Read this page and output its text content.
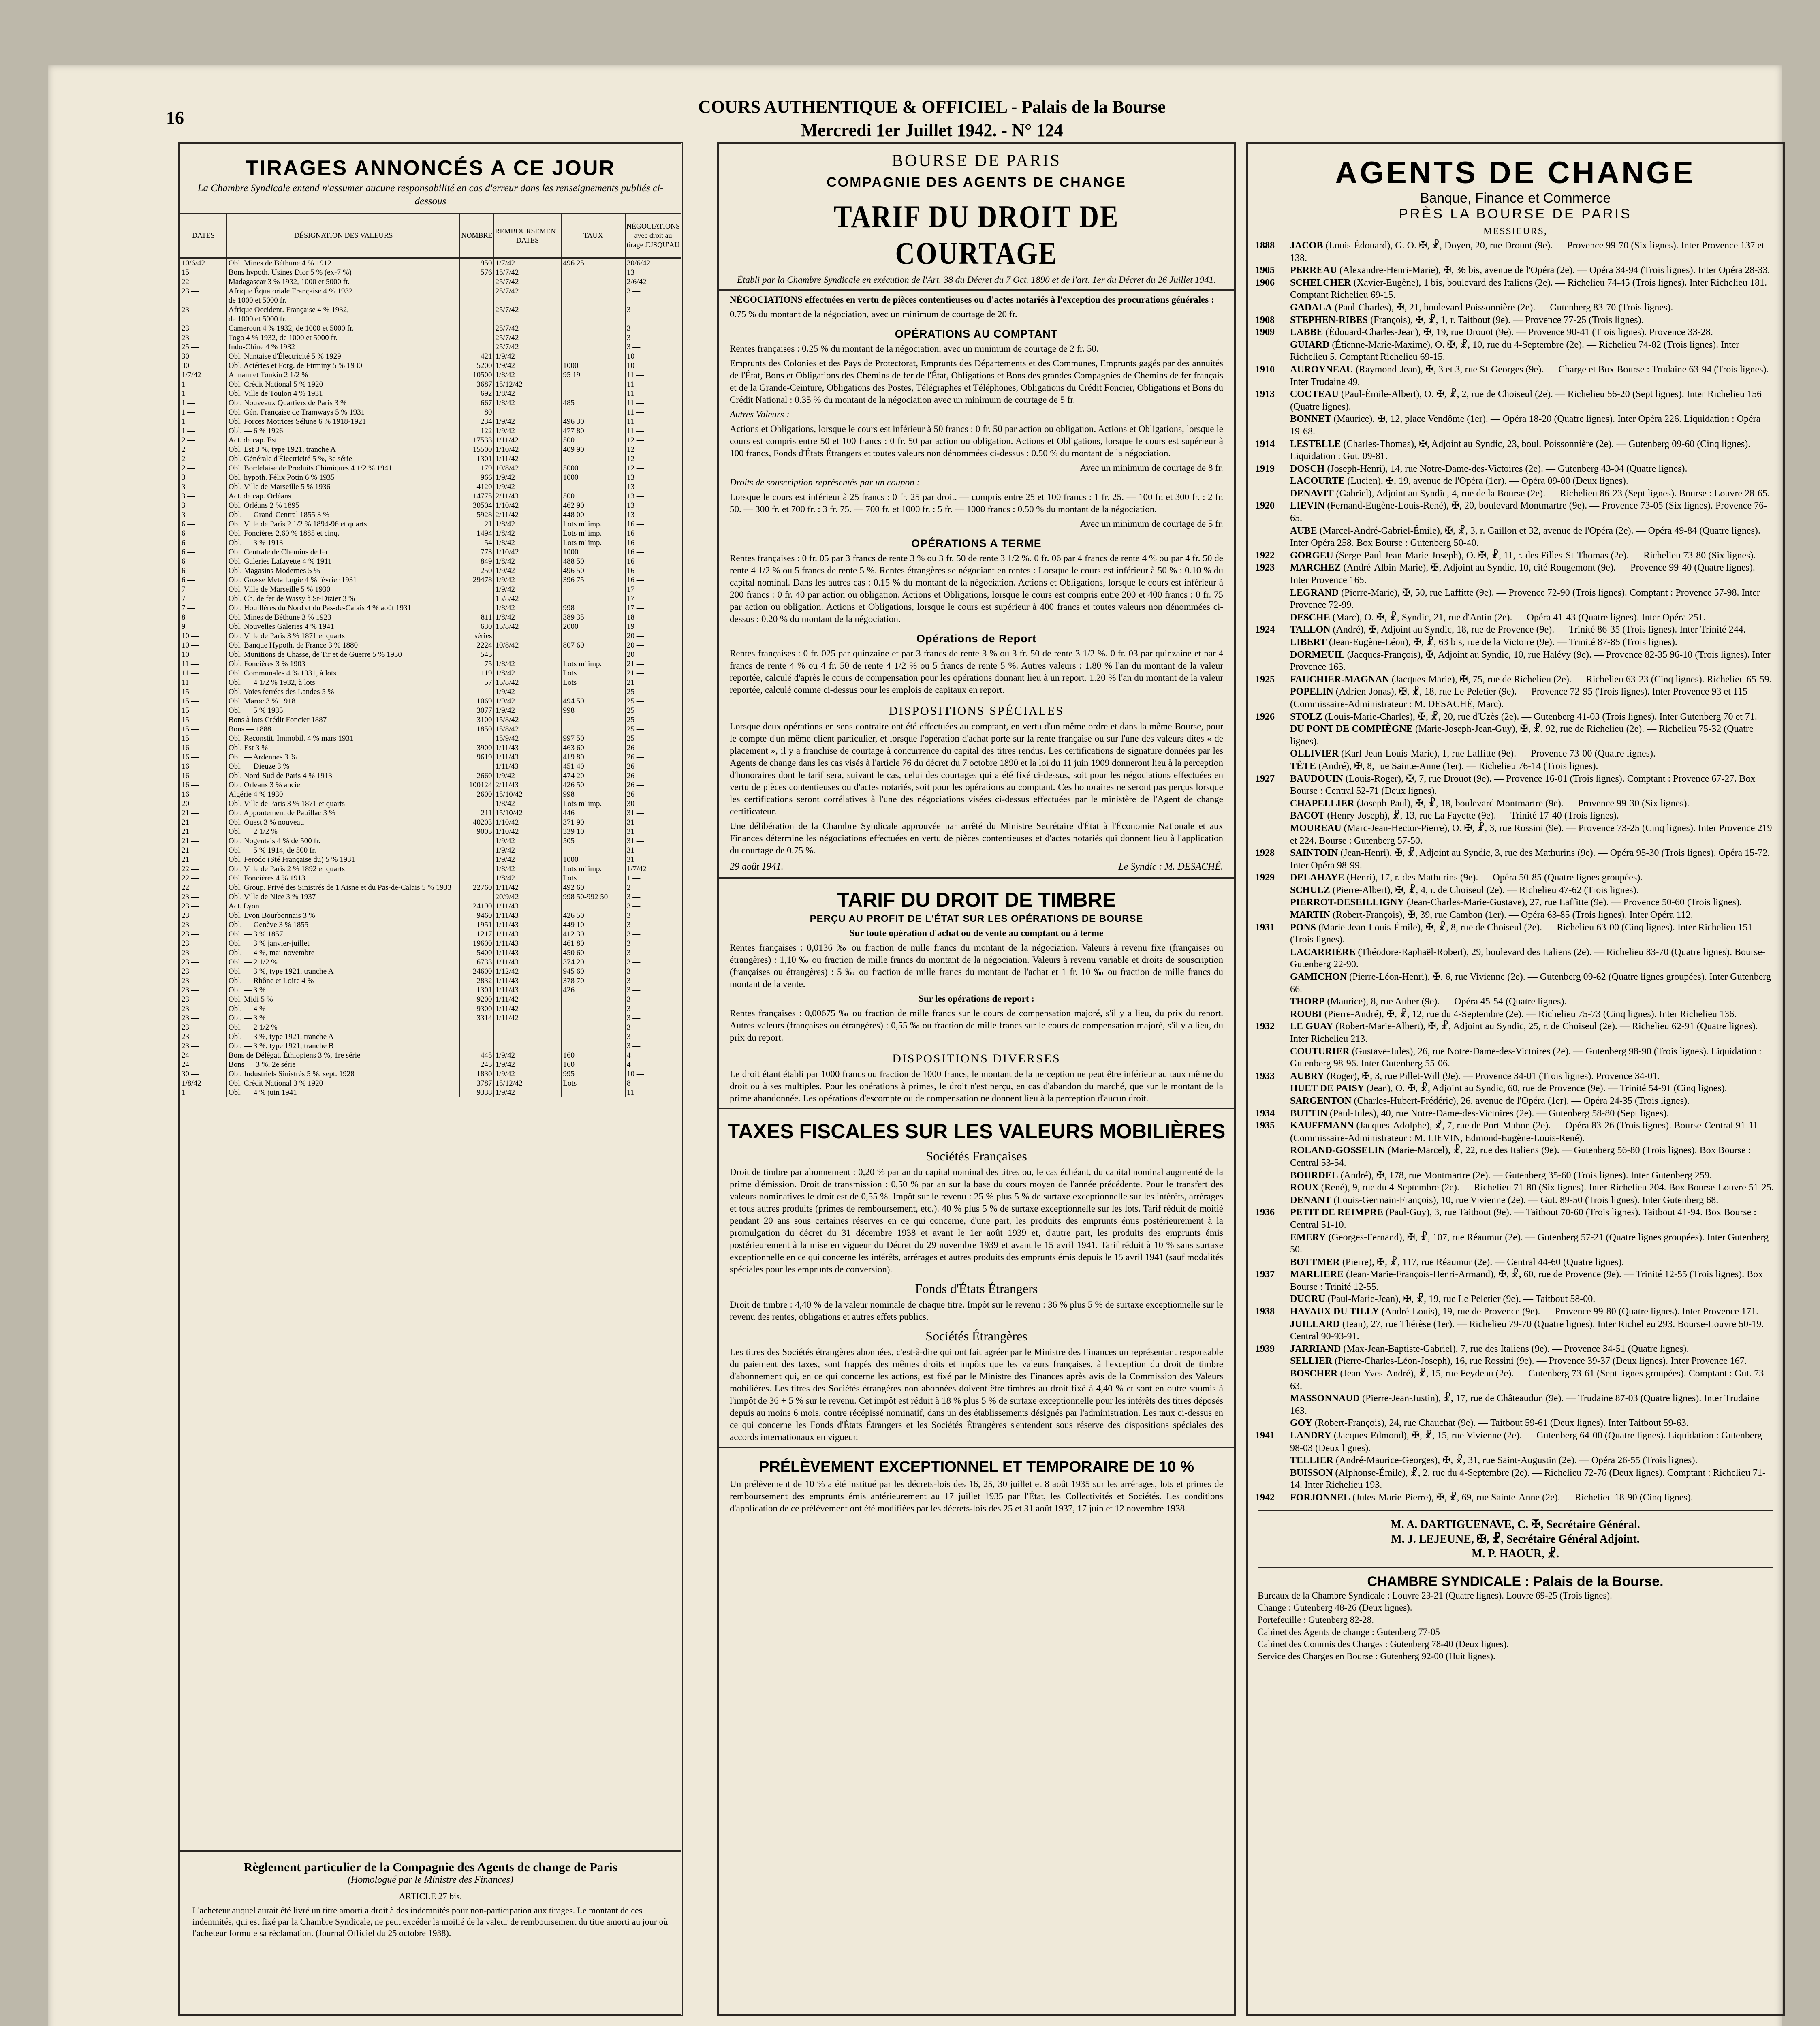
16
COURS AUTHENTIQUE & OFFICIEL - Palais de la Bourse
Mercredi 1er Juillet 1942. - N° 124
TIRAGES ANNONCÉS A CE JOUR
La Chambre Syndicale entend n'assumer aucune responsabilité en cas d'erreur dans les renseignements publiés ci-dessous
DATES	DÉSIGNATION DES VALEURS	NOMBRE	REMBOURSEMENT
DATES	TAUX	NÉGOCIATIONS avec droit au tirage JUSQU'AU
10/6/42	Obl. Mines de Béthune 4 % 1912	950	1/7/42	496 25	30/6/42
15 —	Bons hypoth. Usines Dior 5 % (ex-7 %)	576	15/7/42		13 —
22 —	Madagascar 3 % 1932, 1000 et 5000 fr.		25/7/42		2/6/42
23 —	Afrique Équatoriale Française 4 % 1932		25/7/42		3 —
	de 1000 et 5000 fr.				
23 —	Afrique Occident. Française 4 % 1932,		25/7/42		3 —
	de 1000 et 5000 fr.				
23 —	Cameroun 4 % 1932, de 1000 et 5000 fr.		25/7/42		3 —
23 —	Togo 4 % 1932, de 1000 et 5000 fr.		25/7/42		3 —
25 —	Indo-Chine 4 % 1932		25/7/42		3 —
30 —	Obl. Nantaise d'Électricité 5 % 1929	421	1/9/42		10 —
30 —	Obl. Aciéries et Forg. de Firminy 5 % 1930	5200	1/9/42	1000	10 —
1/7/42	Annam et Tonkin 2 1/2 %	10500	1/8/42	95 19	11 —
1 —	Obl. Crédit National 5 % 1920	3687	15/12/42		11 —
1 —	Obl. Ville de Toulon 4 % 1931	692	1/8/42		11 —
1 —	Obl. Nouveaux Quartiers de Paris 3 %	667	1/8/42	485	11 —
1 —	Obl. Gén. Française de Tramways 5 % 1931	80			11 —
1 —	Obl. Forces Motrices Sélune 6 % 1918-1921	234	1/9/42	496 30	11 —
1 —	Obl. — 6 % 1926	122	1/9/42	477 80	11 —
2 —	Act. de cap. Est	17533	1/11/42	500	12 —
2 —	Obl. Est 3 %, type 1921, tranche A	15500	1/10/42	409 90	12 —
2 —	Obl. Générale d'Électricité 5 %, 3e série	1301	1/11/42		12 —
2 —	Obl. Bordelaise de Produits Chimiques 4 1/2 % 1941	179	10/8/42	5000	12 —
3 —	Obl. hypoth. Félix Potin 6 % 1935	966	1/9/42	1000	13 —
3 —	Obl. Ville de Marseille 5 % 1936	4120	1/9/42		13 —
3 —	Act. de cap. Orléans	14775	2/11/43	500	13 —
3 —	Obl. Orléans 2 % 1895	30504	1/10/42	462 90	13 —
3 —	Obl. — Grand-Central 1855 3 %	5928	2/11/42	448 00	13 —
6 —	Obl. Ville de Paris 2 1/2 % 1894-96 et quarts	21	1/8/42	Lots m' imp.	16 —
6 —	Obl. Foncières 2,60 % 1885 et cinq.	1494	1/8/42	Lots m' imp.	16 —
6 —	Obl. — 3 % 1913	54	1/8/42	Lots m' imp.	16 —
6 —	Obl. Centrale de Chemins de fer	773	1/10/42	1000	16 —
6 —	Obl. Galeries Lafayette 4 % 1911	849	1/8/42	488 50	16 —
6 —	Obl. Magasins Modernes 5 %	250	1/9/42	496 50	16 —
6 —	Obl. Grosse Métallurgie 4 % février 1931	29478	1/9/42	396 75	16 —
7 —	Obl. Ville de Marseille 5 % 1930		1/9/42		17 —
7 —	Obl. Ch. de fer de Wassy à St-Dizier 3 %		15/8/42		17 —
7 —	Obl. Houillères du Nord et du Pas-de-Calais 4 % août 1931		1/8/42	998	17 —
8 —	Obl. Mines de Béthune 3 % 1923	811	1/8/42	389 35	18 —
9 —	Obl. Nouvelles Galeries 4 % 1941	630	15/8/42	2000	19 —
10 —	Obl. Ville de Paris 3 % 1871 et quarts	séries			20 —
10 —	Obl. Banque Hypoth. de France 3 % 1880	2224	10/8/42	807 60	20 —
10 —	Obl. Munitions de Chasse, de Tir et de Guerre 5 % 1930	543			20 —
11 —	Obl. Foncières 3 % 1903	75	1/8/42	Lots m' imp.	21 —
11 —	Obl. Communales 4 % 1931, à lots	119	1/8/42	Lots	21 —
11 —	Obl. — 4 1/2 % 1932, à lots	57	15/8/42	Lots	21 —
15 —	Obl. Voies ferrées des Landes 5 %		1/9/42		25 —
15 —	Obl. Maroc 3 % 1918	1069	1/9/42	494 50	25 —
15 —	Obl. — 5 % 1935	3077	1/9/42	998	25 —
15 —	Bons à lots Crédit Foncier 1887	3100	15/8/42		25 —
15 —	Bons — 1888	1850	15/8/42		25 —
15 —	Obl. Reconstit. Immobil. 4 % mars 1931		15/9/42	997 50	25 —
16 —	Obl. Est 3 %	3900	1/11/43	463 60	26 —
16 —	Obl. — Ardennes 3 %	9619	1/11/43	419 80	26 —
16 —	Obl. — Dieuze 3 %		1/11/43	451 40	26 —
16 —	Obl. Nord-Sud de Paris 4 % 1913	2660	1/9/42	474 20	26 —
16 —	Obl. Orléans 3 % ancien	100124	2/11/43	426 50	26 —
16 —	Algérie 4 % 1930	2600	15/10/42	998	26 —
20 —	Obl. Ville de Paris 3 % 1871 et quarts		1/8/42	Lots m' imp.	30 —
21 —	Obl. Appontement de Pauillac 3 %	211	15/10/42	446	31 —
21 —	Obl. Ouest 3 % nouveau	40203	1/10/42	371 90	31 —
21 —	Obl. — 2 1/2 %	9003	1/10/42	339 10	31 —
21 —	Obl. Nogentais 4 % de 500 fr.		1/9/42	505	31 —
21 —	Obl. — 5 % 1914, de 500 fr.		1/9/42		31 —
21 —	Obl. Ferodo (Sté Française du) 5 % 1931		1/9/42	1000	31 —
22 —	Obl. Ville de Paris 2 % 1892 et quarts		1/8/42	Lots m' imp.	1/7/42
22 —	Obl. Foncières 4 % 1913		1/8/42	Lots	1 —
22 —	Obl. Group. Privé des Sinistrés de 1'Aisne et du Pas-de-Calais 5 % 1933	22760	1/11/42	492 60	2 —
23 —	Obl. Ville de Nice 3 % 1937		20/9/42	998 50-992 50	3 —
23 —	Act. Lyon	24190	1/11/43		3 —
23 —	Obl. Lyon Bourbonnais 3 %	9460	1/11/43	426 50	3 —
23 —	Obl. — Genève 3 % 1855	1951	1/11/43	449 10	3 —
23 —	Obl. — 3 % 1857	1217	1/11/43	412 30	3 —
23 —	Obl. — 3 % janvier-juillet	19600	1/11/43	461 80	3 —
23 —	Obl. — 4 %, mai-novembre	5400	1/11/43	450 60	3 —
23 —	Obl. — 2 1/2 %	6733	1/11/43	374 20	3 —
23 —	Obl. — 3 %, type 1921, tranche A	24600	1/12/42	945 60	3 —
23 —	Obl. — Rhône et Loire 4 %	2832	1/11/43	378 70	3 —
23 —	Obl. — 3 %	1301	1/11/43	426	3 —
23 —	Obl. Midi 5 %	9200	1/11/42		3 —
23 —	Obl. — 4 %	9300	1/11/42		3 —
23 —	Obl. — 3 %	3314	1/11/42		3 —
23 —	Obl. — 2 1/2 %				3 —
23 —	Obl. — 3 %, type 1921, tranche A				3 —
23 —	Obl. — 3 %, type 1921, tranche B				3 —
24 —	Bons de Délégat. Éthiopiens 3 %, 1re série	445	1/9/42	160	4 —
24 —	Bons — 3 %, 2e série	243	1/9/42	160	4 —
30 —	Obl. Industriels Sinistrés 5 %, sept. 1928	1830	1/9/42	995	10 —
1/8/42	Obl. Crédit National 3 % 1920	3787	15/12/42	Lots	8 —
1 —	Obl. — 4 % juin 1941	9338	1/9/42		11 —
Règlement particulier de la Compagnie des Agents de change de Paris
(Homologué par le Ministre des Finances)
ARTICLE 27 bis.
L'acheteur auquel aurait été livré un titre amorti a droit à des indemnités pour non-participation aux tirages. Le montant de ces indemnités, qui est fixé par la Chambre Syndicale, ne peut excéder la moitié de la valeur de remboursement du titre amorti au jour où l'acheteur formule sa réclamation. (Journal Officiel du 25 octobre 1938).
BOURSE DE PARIS
COMPAGNIE DES AGENTS DE CHANGE
TARIF DU DROIT DE COURTAGE
Établi par la Chambre Syndicale en exécution de l'Art. 38 du Décret du 7 Oct. 1890 et de l'art. 1er du Décret du 26 Juillet 1941.
NÉGOCIATIONS effectuées en vertu de pièces contentieuses ou d'actes notariés à l'exception des procurations générales :
0.75 % du montant de la négociation, avec un minimum de courtage de 20 fr.
OPÉRATIONS AU COMPTANT
Rentes françaises : 0.25 % du montant de la négociation, avec un minimum de courtage de 2 fr. 50.
Emprunts des Colonies et des Pays de Protectorat, Emprunts des Départements et des Communes, Emprunts gagés par des annuités de l'État, Bons et Obligations des Chemins de fer de l'État, Obligations et Bons des grandes Compagnies de Chemins de fer français et de la Grande-Ceinture, Obligations des Postes, Télégraphes et Téléphones, Obligations du Crédit Foncier, Obligations et Bons du Crédit National : 0.35 % du montant de la négociation avec un minimum de courtage de 5 fr.
Autres Valeurs :
Actions et Obligations, lorsque le cours est inférieur à 50 francs : 0 fr. 50 par action ou obligation. Actions et Obligations, lorsque le cours est compris entre 50 et 100 francs : 0 fr. 50 par action ou obligation. Actions et Obligations, lorsque le cours est supérieur à 100 francs, Fonds d'États Étrangers et toutes valeurs non dénommées ci-dessus : 0.50 % du montant de la négociation.
Avec un minimum de courtage de 8 fr.
Droits de souscription représentés par un coupon :
Lorsque le cours est inférieur à 25 francs : 0 fr. 25 par droit. — compris entre 25 et 100 francs : 1 fr. 25. — 100 fr. et 300 fr. : 2 fr. 50. — 300 fr. et 700 fr. : 3 fr. 75. — 700 fr. et 1000 fr. : 5 fr. — 1000 francs : 0.50 % du montant de la négociation.
Avec un minimum de courtage de 5 fr.
OPÉRATIONS A TERME
Rentes françaises : 0 fr. 05 par 3 francs de rente 3 % ou 3 fr. 50 de rente 3 1/2 %. 0 fr. 06 par 4 francs de rente 4 % ou par 4 fr. 50 de rente 4 1/2 % ou 5 francs de rente 5 %. Rentes étrangères se négociant en rentes : Lorsque le cours est inférieur à 50 % : 0.10 % du capital nominal. Dans les autres cas : 0.15 % du montant de la négociation. Actions et Obligations, lorsque le cours est inférieur à 200 francs : 0 fr. 40 par action ou obligation. Actions et Obligations, lorsque le cours est compris entre 200 et 400 francs : 0 fr. 75 par action ou obligation. Actions et Obligations, lorsque le cours est supérieur à 400 francs et toutes valeurs non dénommées ci-dessus : 0.20 % du montant de la négociation.
Opérations de Report
Rentes françaises : 0 fr. 025 par quinzaine et par 3 francs de rente 3 % ou 3 fr. 50 de rente 3 1/2 %. 0 fr. 03 par quinzaine et par 4 francs de rente 4 % ou 4 fr. 50 de rente 4 1/2 % ou 5 francs de rente 5 %. Autres valeurs : 1.80 % l'an du montant de la valeur reportée, calculé d'après le cours de compensation pour les opérations donnant lieu à un report. 1.20 % l'an du montant de la valeur reportée, calculé comme ci-dessus pour les emplois de capitaux en report.
DISPOSITIONS SPÉCIALES
Lorsque deux opérations en sens contraire ont été effectuées au comptant, en vertu d'un même ordre et dans la même Bourse, pour le compte d'un même client particulier, et lorsque l'opération d'achat porte sur la rente française ou sur l'une des valeurs dites « de placement », il y a franchise de courtage à concurrence du capital des titres rendus. Les certifications de signature données par les Agents de change dans les cas visés à l'article 76 du décret du 7 octobre 1890 et la loi du 11 juin 1909 donneront lieu à la perception d'honoraires dont le tarif sera, suivant le cas, celui des courtages qui a été fixé ci-dessus, soit pour les négociations effectuées en vertu de pièces contentieuses ou d'actes notariés, soit pour les opérations au comptant. Ces honoraires ne seront pas perçus lorsque les certifications seront corrélatives à l'une des négociations visées ci-dessus effectuées par le ministère de l'Agent de change certificateur.
Une délibération de la Chambre Syndicale approuvée par arrêté du Ministre Secrétaire d'État à l'Économie Nationale et aux Finances détermine les négociations effectuées en vertu de pièces contentieuses et d'actes notariés qui donnent lieu à l'application du courtage de 0.75 %.
29 août 1941.	Le Syndic : M. DESACHÉ.
TARIF DU DROIT DE TIMBRE
PERÇU AU PROFIT DE L'ÉTAT SUR LES OPÉRATIONS DE BOURSE
Sur toute opération d'achat ou de vente au comptant ou à terme
Rentes françaises : 0,0136 ‰ ou fraction de mille francs du montant de la négociation. Valeurs à revenu fixe (françaises ou étrangères) : 1,10 ‰ ou fraction de mille francs du montant de la négociation. Valeurs à revenu variable et droits de souscription (françaises ou étrangères) : 5 ‰ ou fraction de mille francs du montant de l'achat et 1 fr. 10 ‰ ou fraction de mille francs du montant de la vente.
Sur les opérations de report :
Rentes françaises : 0,00675 ‰ ou fraction de mille francs sur le cours de compensation majoré, s'il y a lieu, du prix du report. Autres valeurs (françaises ou étrangères) : 0,55 ‰ ou fraction de mille francs sur le cours de compensation majoré, s'il y a lieu, du prix du report.
DISPOSITIONS DIVERSES
Le droit étant établi par 1000 francs ou fraction de 1000 francs, le montant de la perception ne peut être inférieur au taux même du droit ou à ses multiples. Pour les opérations à primes, le droit n'est perçu, en cas d'abandon du marché, que sur le montant de la prime abandonnée. Les opérations d'escompte ou de compensation ne donnent lieu à la perception d'aucun droit.
TAXES FISCALES SUR LES VALEURS MOBILIÈRES
Sociétés Françaises
Droit de timbre par abonnement : 0,20 % par an du capital nominal des titres ou, le cas échéant, du capital nominal augmenté de la prime d'émission. Droit de transmission : 0,50 % par an sur la base du cours moyen de l'année précédente. Pour le transfert des valeurs nominatives le droit est de 0,55 %. Impôt sur le revenu : 25 % plus 5 % de surtaxe exceptionnelle sur les intérêts, arrérages et tous autres produits (primes de remboursement, etc.). 40 % plus 5 % de surtaxe exceptionnelle sur les lots. Tarif réduit de moitié pendant 20 ans sous certaines réserves en ce qui concerne, d'une part, les produits des emprunts émis postérieurement à la promulgation du décret du 31 décembre 1938 et avant le 1er août 1939 et, d'autre part, les produits des emprunts émis postérieurement à la mise en vigueur du Décret du 29 novembre 1939 et avant le 15 avril 1941. Tarif réduit à 10 % sans surtaxe exceptionnelle en ce qui concerne les intérêts, arrérages et autres produits des emprunts émis depuis le 15 avril 1941 (sauf modalités spéciales pour les emprunts de conversion).
Fonds d'États Étrangers
Droit de timbre : 4,40 % de la valeur nominale de chaque titre. Impôt sur le revenu : 36 % plus 5 % de surtaxe exceptionnelle sur le revenu des rentes, obligations et autres effets publics.
Sociétés Étrangères
Les titres des Sociétés étrangères abonnées, c'est-à-dire qui ont fait agréer par le Ministre des Finances un représentant responsable du paiement des taxes, sont frappés des mêmes droits et impôts que les valeurs françaises, à l'exception du droit de timbre d'abonnement qui, en ce qui concerne les actions, est fixé par le Ministre des Finances après avis de la Commission des Valeurs mobilières. Les titres des Sociétés étrangères non abonnées doivent être timbrés au droit fixé à 4,40 % et sont en outre soumis à l'impôt de 36 + 5 % sur le revenu. Cet impôt est réduit à 18 % plus 5 % de surtaxe exceptionnelle pour les intérêts des titres déposés depuis au moins 6 mois, contre récépissé nominatif, dans un des établissements désignés par l'administration. Les taux ci-dessus en ce qui concerne les Fonds d'États Étrangers et les Sociétés Étrangères s'entendent sous réserve des dispositions spéciales des accords internationaux en vigueur.
PRÉLÈVEMENT EXCEPTIONNEL ET TEMPORAIRE DE 10 %
Un prélèvement de 10 % a été institué par les décrets-lois des 16, 25, 30 juillet et 8 août 1935 sur les arrérages, lots et primes de remboursement des emprunts émis antérieurement au 17 juillet 1935 par l'État, les Collectivités et Sociétés. Les conditions d'application de ce prélèvement ont été modifiées par les décrets-lois des 25 et 31 août 1937, 17 juin et 12 novembre 1938.
AGENTS DE CHANGE
Banque, Finance et Commerce
PRÈS LA BOURSE DE PARIS
MESSIEURS,
1888	JACOB (Louis-Édouard), G. O. ✠, ☧, Doyen, 20, rue Drouot (9e). — Provence 99-70 (Six lignes). Inter Provence 137 et 138.
1905	PERREAU (Alexandre-Henri-Marie), ✠, 36 bis, avenue de l'Opéra (2e). — Opéra 34-94 (Trois lignes). Inter Opéra 28-33.
1906	SCHELCHER (Xavier-Eugène), 1 bis, boulevard des Italiens (2e). — Richelieu 74-45 (Trois lignes). Inter Richelieu 181. Comptant Richelieu 69-15.
GADALA (Paul-Charles), ✠, 21, boulevard Poissonnière (2e). — Gutenberg 83-70 (Trois lignes).
1908	STEPHEN-RIBES (François), ✠, ☧, 1, r. Taitbout (9e). — Provence 77-25 (Trois lignes).
1909	LABBE (Édouard-Charles-Jean), ✠, 19, rue Drouot (9e). — Provence 90-41 (Trois lignes). Provence 33-28.
GUIARD (Étienne-Marie-Maxime), O. ✠, ☧, 10, rue du 4-Septembre (2e). — Richelieu 74-82 (Trois lignes). Inter Richelieu 5. Comptant Richelieu 69-15.
1910	AUROYNEAU (Raymond-Jean), ✠, 3 et 3, rue St-Georges (9e). — Charge et Box Bourse : Trudaine 63-94 (Trois lignes). Inter Trudaine 49.
1913	COCTEAU (Paul-Émile-Albert), O. ✠, ☧, 2, rue de Choiseul (2e). — Richelieu 56-20 (Sept lignes). Inter Richelieu 156 (Quatre lignes).
BONNET (Maurice), ✠, 12, place Vendôme (1er). — Opéra 18-20 (Quatre lignes). Inter Opéra 226. Liquidation : Opéra 19-68.
1914	LESTELLE (Charles-Thomas), ✠, Adjoint au Syndic, 23, boul. Poissonnière (2e). — Gutenberg 09-60 (Cinq lignes). Liquidation : Gut. 09-81.
1919	DOSCH (Joseph-Henri), 14, rue Notre-Dame-des-Victoires (2e). — Gutenberg 43-04 (Quatre lignes).
LACOURTE (Lucien), ✠, 19, avenue de l'Opéra (1er). — Opéra 09-00 (Deux lignes).
DENAVIT (Gabriel), Adjoint au Syndic, 4, rue de la Bourse (2e). — Richelieu 86-23 (Sept lignes). Bourse : Louvre 28-65.
1920	LIEVIN (Fernand-Eugène-Louis-René), ✠, 20, boulevard Montmartre (9e). — Provence 73-05 (Six lignes). Provence 76-65.
AUBE (Marcel-André-Gabriel-Émile), ✠, ☧, 3, r. Gaillon et 32, avenue de l'Opéra (2e). — Opéra 49-84 (Quatre lignes). Inter Opéra 258. Box Bourse : Gutenberg 50-40.
1922	GORGEU (Serge-Paul-Jean-Marie-Joseph), O. ✠, ☧, 11, r. des Filles-St-Thomas (2e). — Richelieu 73-80 (Six lignes).
1923	MARCHEZ (André-Albin-Marie), ✠, Adjoint au Syndic, 10, cité Rougemont (9e). — Provence 99-40 (Quatre lignes). Inter Provence 165.
LEGRAND (Pierre-Marie), ✠, 50, rue Laffitte (9e). — Provence 72-90 (Trois lignes). Comptant : Provence 57-98. Inter Provence 72-99.
DESCHE (Marc), O. ✠, ☧, Syndic, 21, rue d'Antin (2e). — Opéra 41-43 (Quatre lignes). Inter Opéra 251.
1924	TALLON (André), ✠, Adjoint au Syndic, 18, rue de Provence (9e). — Trinité 86-35 (Trois lignes). Inter Trinité 244.
LIBERT (Jean-Eugène-Léon), ✠, ☧, 63 bis, rue de la Victoire (9e). — Trinité 87-85 (Trois lignes).
DORMEUIL (Jacques-François), ✠, Adjoint au Syndic, 10, rue Halévy (9e). — Provence 82-35 96-10 (Trois lignes). Inter Provence 163.
1925	FAUCHIER-MAGNAN (Jacques-Marie), ✠, 75, rue de Richelieu (2e). — Richelieu 63-23 (Cinq lignes). Richelieu 65-59.
POPELIN (Adrien-Jonas), ✠, ☧, 18, rue Le Peletier (9e). — Provence 72-95 (Trois lignes). Inter Provence 93 et 115 (Commissaire-Administrateur : M. DESACHÉ, Marc).
1926	STOLZ (Louis-Marie-Charles), ✠, ☧, 20, rue d'Uzès (2e). — Gutenberg 41-03 (Trois lignes). Inter Gutenberg 70 et 71.
DU PONT DE COMPIÈGNE (Marie-Joseph-Jean-Guy), ✠, ☧, 92, rue de Richelieu (2e). — Richelieu 75-32 (Quatre lignes).
OLLIVIER (Karl-Jean-Louis-Marie), 1, rue Laffitte (9e). — Provence 73-00 (Quatre lignes).
TÊTE (André), ✠, 8, rue Sainte-Anne (1er). — Richelieu 76-14 (Trois lignes).
1927	BAUDOUIN (Louis-Roger), ✠, 7, rue Drouot (9e). — Provence 16-01 (Trois lignes). Comptant : Provence 67-27. Box Bourse : Central 52-71 (Deux lignes).
CHAPELLIER (Joseph-Paul), ✠, ☧, 18, boulevard Montmartre (9e). — Provence 99-30 (Six lignes).
BACOT (Henry-Joseph), ☧, 13, rue La Fayette (9e). — Trinité 17-40 (Trois lignes).
MOUREAU (Marc-Jean-Hector-Pierre), O. ✠, ☧, 3, rue Rossini (9e). — Provence 73-25 (Cinq lignes). Inter Provence 219 et 224. Bourse : Gutenberg 57-50.
1928	SAINTOIN (Jean-Henri), ✠, ☧, Adjoint au Syndic, 3, rue des Mathurins (9e). — Opéra 95-30 (Trois lignes). Opéra 15-72. Inter Opéra 98-99.
1929	DELAHAYE (Henri), 17, r. des Mathurins (9e). — Opéra 50-85 (Quatre lignes groupées).
SCHULZ (Pierre-Albert), ✠, ☧, 4, r. de Choiseul (2e). — Richelieu 47-62 (Trois lignes).
PIERROT-DESEILLIGNY (Jean-Charles-Marie-Gustave), 27, rue Laffitte (9e). — Provence 50-60 (Trois lignes).
MARTIN (Robert-François), ✠, 39, rue Cambon (1er). — Opéra 63-85 (Trois lignes). Inter Opéra 112.
1931	PONS (Marie-Jean-Louis-Émile), ✠, ☧, 8, rue de Choiseul (2e). — Richelieu 63-00 (Cinq lignes). Inter Richelieu 151 (Trois lignes).
LACARRIÈRE (Théodore-Raphaël-Robert), 29, boulevard des Italiens (2e). — Richelieu 83-70 (Quatre lignes). Bourse-Gutenberg 22-90.
GAMICHON (Pierre-Léon-Henri), ✠, 6, rue Vivienne (2e). — Gutenberg 09-62 (Quatre lignes groupées). Inter Gutenberg 66.
THORP (Maurice), 8, rue Auber (9e). — Opéra 45-54 (Quatre lignes).
ROUBI (Pierre-André), ✠, ☧, 12, rue du 4-Septembre (2e). — Richelieu 75-73 (Cinq lignes). Inter Richelieu 136.
1932	LE GUAY (Robert-Marie-Albert), ✠, ☧, Adjoint au Syndic, 25, r. de Choiseul (2e). — Richelieu 62-91 (Quatre lignes). Inter Richelieu 213.
COUTURIER (Gustave-Jules), 26, rue Notre-Dame-des-Victoires (2e). — Gutenberg 98-90 (Trois lignes). Liquidation : Gutenberg 98-96. Inter Gutenberg 55-06.
1933	AUBRY (Roger), ✠, 3, rue Pillet-Will (9e). — Provence 34-01 (Trois lignes). Provence 34-01.
HUET DE PAISY (Jean), O. ✠, ☧, Adjoint au Syndic, 60, rue de Provence (9e). — Trinité 54-91 (Cinq lignes).
SARGENTON (Charles-Hubert-Frédéric), 26, avenue de l'Opéra (1er). — Opéra 24-35 (Trois lignes).
1934	BUTTIN (Paul-Jules), 40, rue Notre-Dame-des-Victoires (2e). — Gutenberg 58-80 (Sept lignes).
1935	KAUFFMANN (Jacques-Adolphe), ☧, 7, rue de Port-Mahon (2e). — Opéra 83-26 (Trois lignes). Bourse-Central 91-11 (Commissaire-Administrateur : M. LIEVIN, Edmond-Eugène-Louis-René).
ROLAND-GOSSELIN (Marie-Marcel), ☧, 22, rue des Italiens (9e). — Gutenberg 56-80 (Trois lignes). Box Bourse : Central 53-54.
BOURDEL (André), ✠, 178, rue Montmartre (2e). — Gutenberg 35-60 (Trois lignes). Inter Gutenberg 259.
ROUX (René), 9, rue du 4-Septembre (2e). — Richelieu 71-80 (Six lignes). Inter Richelieu 204. Box Bourse-Louvre 51-25.
DENANT (Louis-Germain-François), 10, rue Vivienne (2e). — Gut. 89-50 (Trois lignes). Inter Gutenberg 68.
1936	PETIT DE REIMPRE (Paul-Guy), 3, rue Taitbout (9e). — Taitbout 70-60 (Trois lignes). Taitbout 41-94. Box Bourse : Central 51-10.
EMERY (Georges-Fernand), ✠, ☧, 107, rue Réaumur (2e). — Gutenberg 57-21 (Quatre lignes groupées). Inter Gutenberg 50.
BOTTMER (Pierre), ✠, ☧, 117, rue Réaumur (2e). — Central 44-60 (Quatre lignes).
1937	MARLIERE (Jean-Marie-François-Henri-Armand), ✠, ☧, 60, rue de Provence (9e). — Trinité 12-55 (Trois lignes). Box Bourse : Trinité 12-55.
DUCRU (Paul-Marie-Jean), ✠, ☧, 19, rue Le Peletier (9e). — Taitbout 58-00.
1938	HAYAUX DU TILLY (André-Louis), 19, rue de Provence (9e). — Provence 99-80 (Quatre lignes). Inter Provence 171.
JUILLARD (Jean), 27, rue Thérèse (1er). — Richelieu 79-70 (Quatre lignes). Inter Richelieu 293. Bourse-Louvre 50-19. Central 90-93-91.
1939	JARRIAND (Max-Jean-Baptiste-Gabriel), 7, rue des Italiens (9e). — Provence 34-51 (Quatre lignes).
SELLIER (Pierre-Charles-Léon-Joseph), 16, rue Rossini (9e). — Provence 39-37 (Deux lignes). Inter Provence 167.
BOSCHER (Jean-Yves-André), ☧, 15, rue Feydeau (2e). — Gutenberg 73-61 (Sept lignes groupées). Comptant : Gut. 73-63.
MASSONNAUD (Pierre-Jean-Justin), ☧, 17, rue de Châteaudun (9e). — Trudaine 87-03 (Quatre lignes). Inter Trudaine 163.
GOY (Robert-François), 24, rue Chauchat (9e). — Taitbout 59-61 (Deux lignes). Inter Taitbout 59-63.
1941	LANDRY (Jacques-Edmond), ✠, ☧, 15, rue Vivienne (2e). — Gutenberg 64-00 (Quatre lignes). Liquidation : Gutenberg 98-03 (Deux lignes).
TELLIER (André-Maurice-Georges), ✠, ☧, 31, rue Saint-Augustin (2e). — Opéra 26-55 (Trois lignes).
BUISSON (Alphonse-Émile), ☧, 2, rue du 4-Septembre (2e). — Richelieu 72-76 (Deux lignes). Comptant : Richelieu 71-14. Inter Richelieu 193.
1942	FORJONNEL (Jules-Marie-Pierre), ✠, ☧, 69, rue Sainte-Anne (2e). — Richelieu 18-90 (Cinq lignes).
M. A. DARTIGUENAVE, C. ✠, Secrétaire Général.
M. J. LEJEUNE, ✠, ☧, Secrétaire Général Adjoint.
M. P. HAOUR, ☧.
CHAMBRE SYNDICALE : Palais de la Bourse.
Bureaux de la Chambre Syndicale : Louvre 23-21 (Quatre lignes). Louvre 69-25 (Trois lignes).
Change : Gutenberg 48-26 (Deux lignes).
Portefeuille : Gutenberg 82-28.
Cabinet des Agents de change : Gutenberg 77-05
Cabinet des Commis des Charges : Gutenberg 78-40 (Deux lignes).
Service des Charges en Bourse : Gutenberg 92-00 (Huit lignes).
